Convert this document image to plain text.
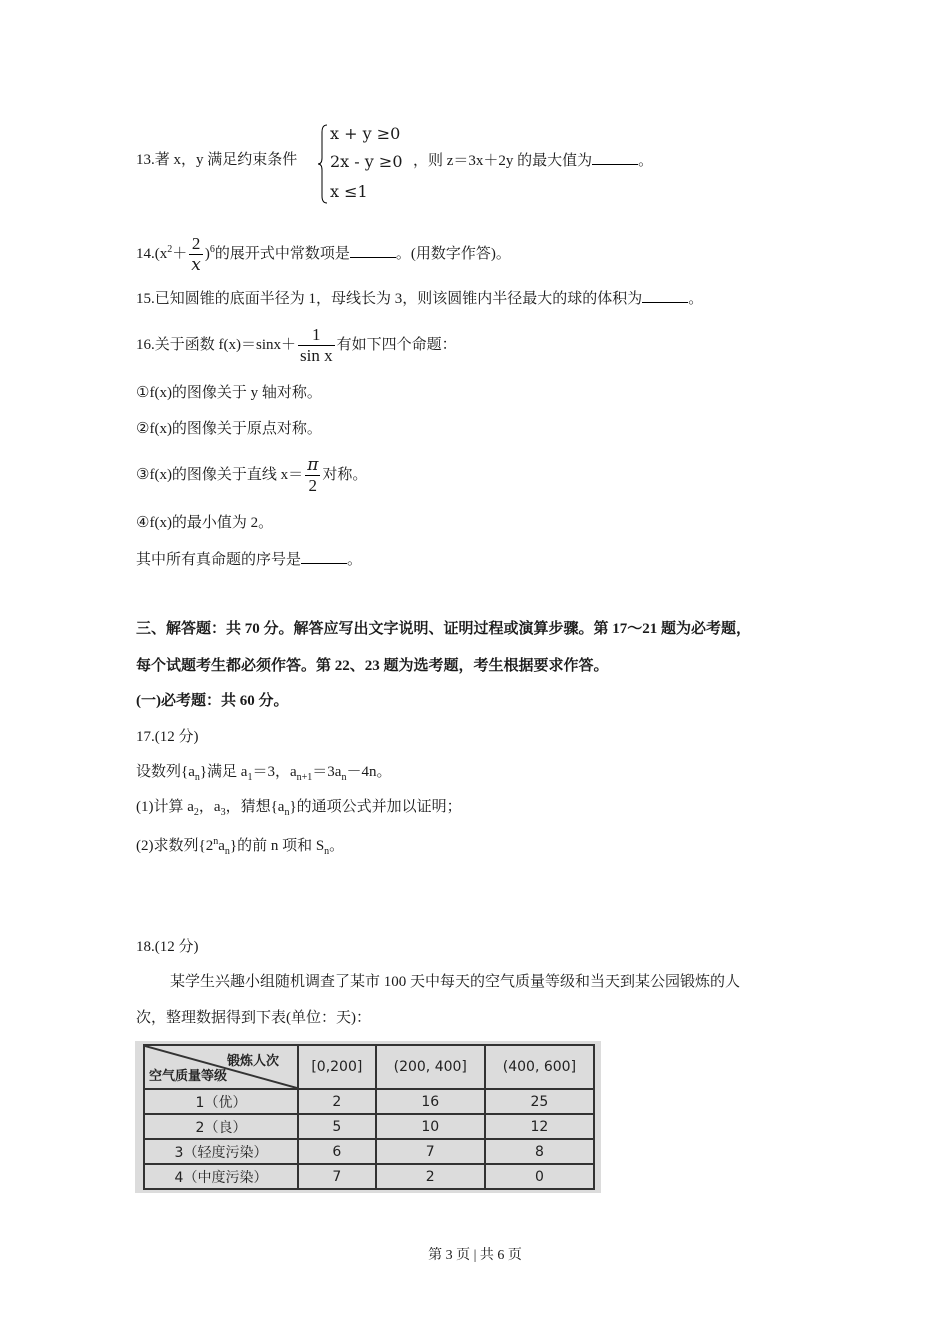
13.著 x，y 满足约束条件
x + y ≥0
2x - y ≥0
x ≤1
，则 z＝3x＋2y 的最大值为	。
$14.(x^2+ \frac{2}{x} )^6$的展开式中常数项是	。(用数字作答)。
15.已知圆锥的底面半径为 1，母线长为 3，则该圆锥内半径最大的球的体积为	。
16.关于函数 $f(x)=\sin x+ \frac{1}{\text{sin x}}$ 有如下四个命题：
①f(x)的图像关于 y 轴对称。
②f(x)的图像关于原点对称。
③f(x)的图像关于直线 $x= \frac{\pi}{2}$ 对称。
④f(x)的最小值为 2。
其中所有真命题的序号是	。
三、解答题：共 70 分。解答应写出文字说明、证明过程或演算步骤。第 17～21 题为必考题，
每个试题考生都必须作答。第 22、23 题为选考题，考生根据要求作答。
(一)必考题：共 60 分。
17.(12 分)
设数列$\{a_n\}$满足 $a_1=3$，$a_{n+1}=3a_n-4n$。
(1)计算 $a_2$，$a_3$，猜想$\{a_n\}$的通项公式并加以证明；
(2)求数列$\{2^na_n\}$的前 n 项和 $S_n$。
18.(12 分)
某学生兴趣小组随机调查了某市 100 天中每天的空气质量等级和当天到某公园锻炼的人
次，整理数据得到下表(单位：天)：
锻炼人次
空气质量等级	[0,200]	(200, 400]	(400, 600]
1（优）	2	16	25
2（良）	5	10	12
3（轻度污染）	6	7	8
4（中度污染）	7	2	0
第 3 页 | 共 6 页
